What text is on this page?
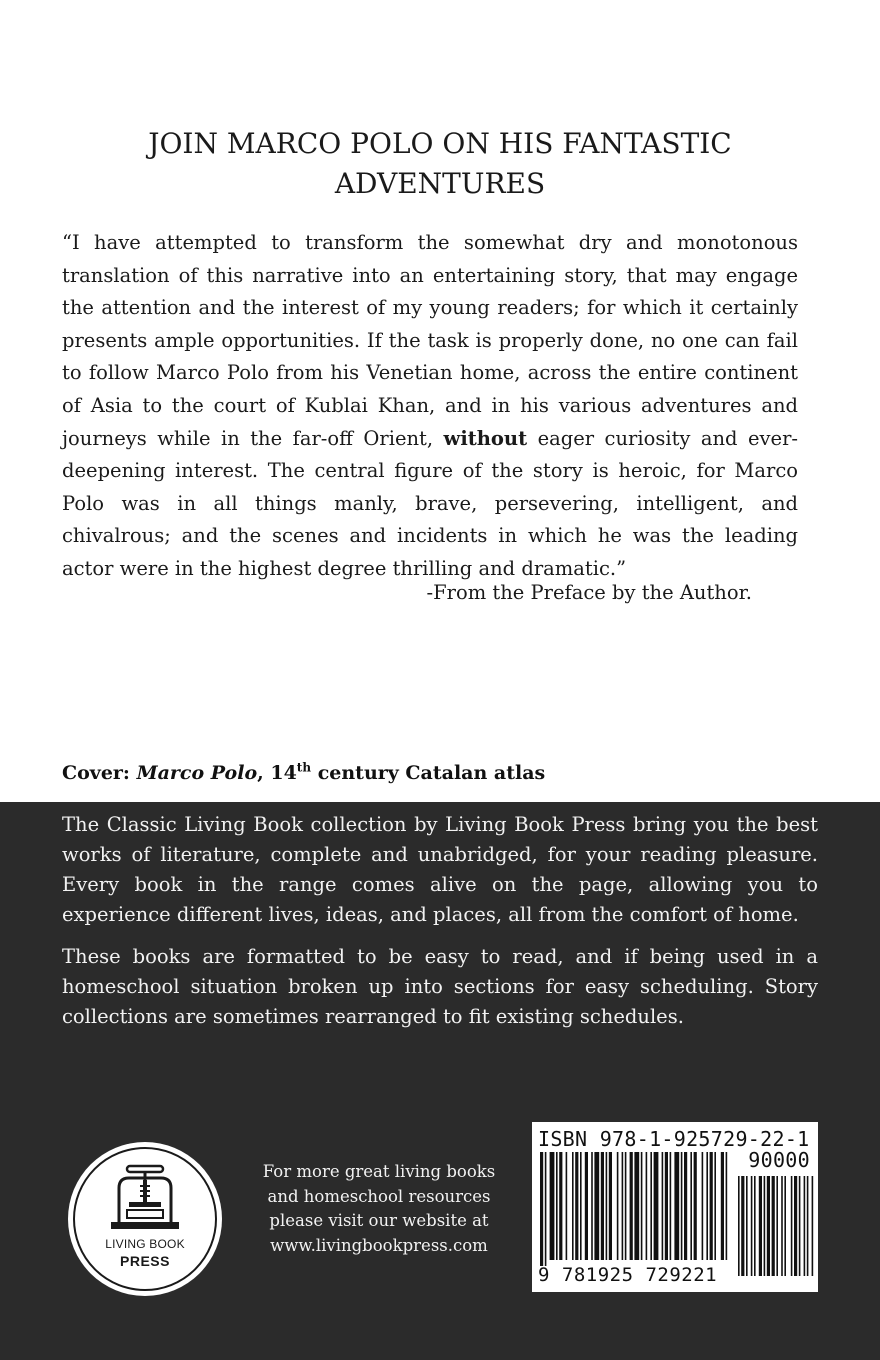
JOIN MARCO POLO ON HIS FANTASTIC ADVENTURES

“I have attempted to transform the somewhat dry and monotonous translation of this narrative into an entertaining story, that may engage the attention and the interest of my young readers; for which it certainly presents ample opportunities. If the task is properly done, no one can fail to follow Marco Polo from his Venetian home, across the entire continent of Asia to the court of Kublai Khan, and in his various adventures and journeys while in the far-off Orient, without eager curiosity and ever-deepening interest. The central figure of the story is heroic, for Marco Polo was in all things manly, brave, persevering, intelligent, and chivalrous; and the scenes and incidents in which he was the leading actor were in the highest degree thrilling and dramatic.”

-From the Preface by the Author.

Cover: Marco Polo, 14th century Catalan atlas

The Classic Living Book collection by Living Book Press bring you the best works of literature, complete and unabridged, for your reading pleasure. Every book in the range comes alive on the page, allowing you to experience different lives, ideas, and places, all from the comfort of home.

These books are formatted to be easy to read, and if being used in a homeschool situation broken up into sections for easy scheduling. Story collections are sometimes rearranged to fit existing schedules.

LIVING BOOK
PRESS
For more great living books
and homeschool resources
please visit our website at
www.livingbookpress.com
ISBN 978-1-925729-22-1
90000
9 781925 729221
